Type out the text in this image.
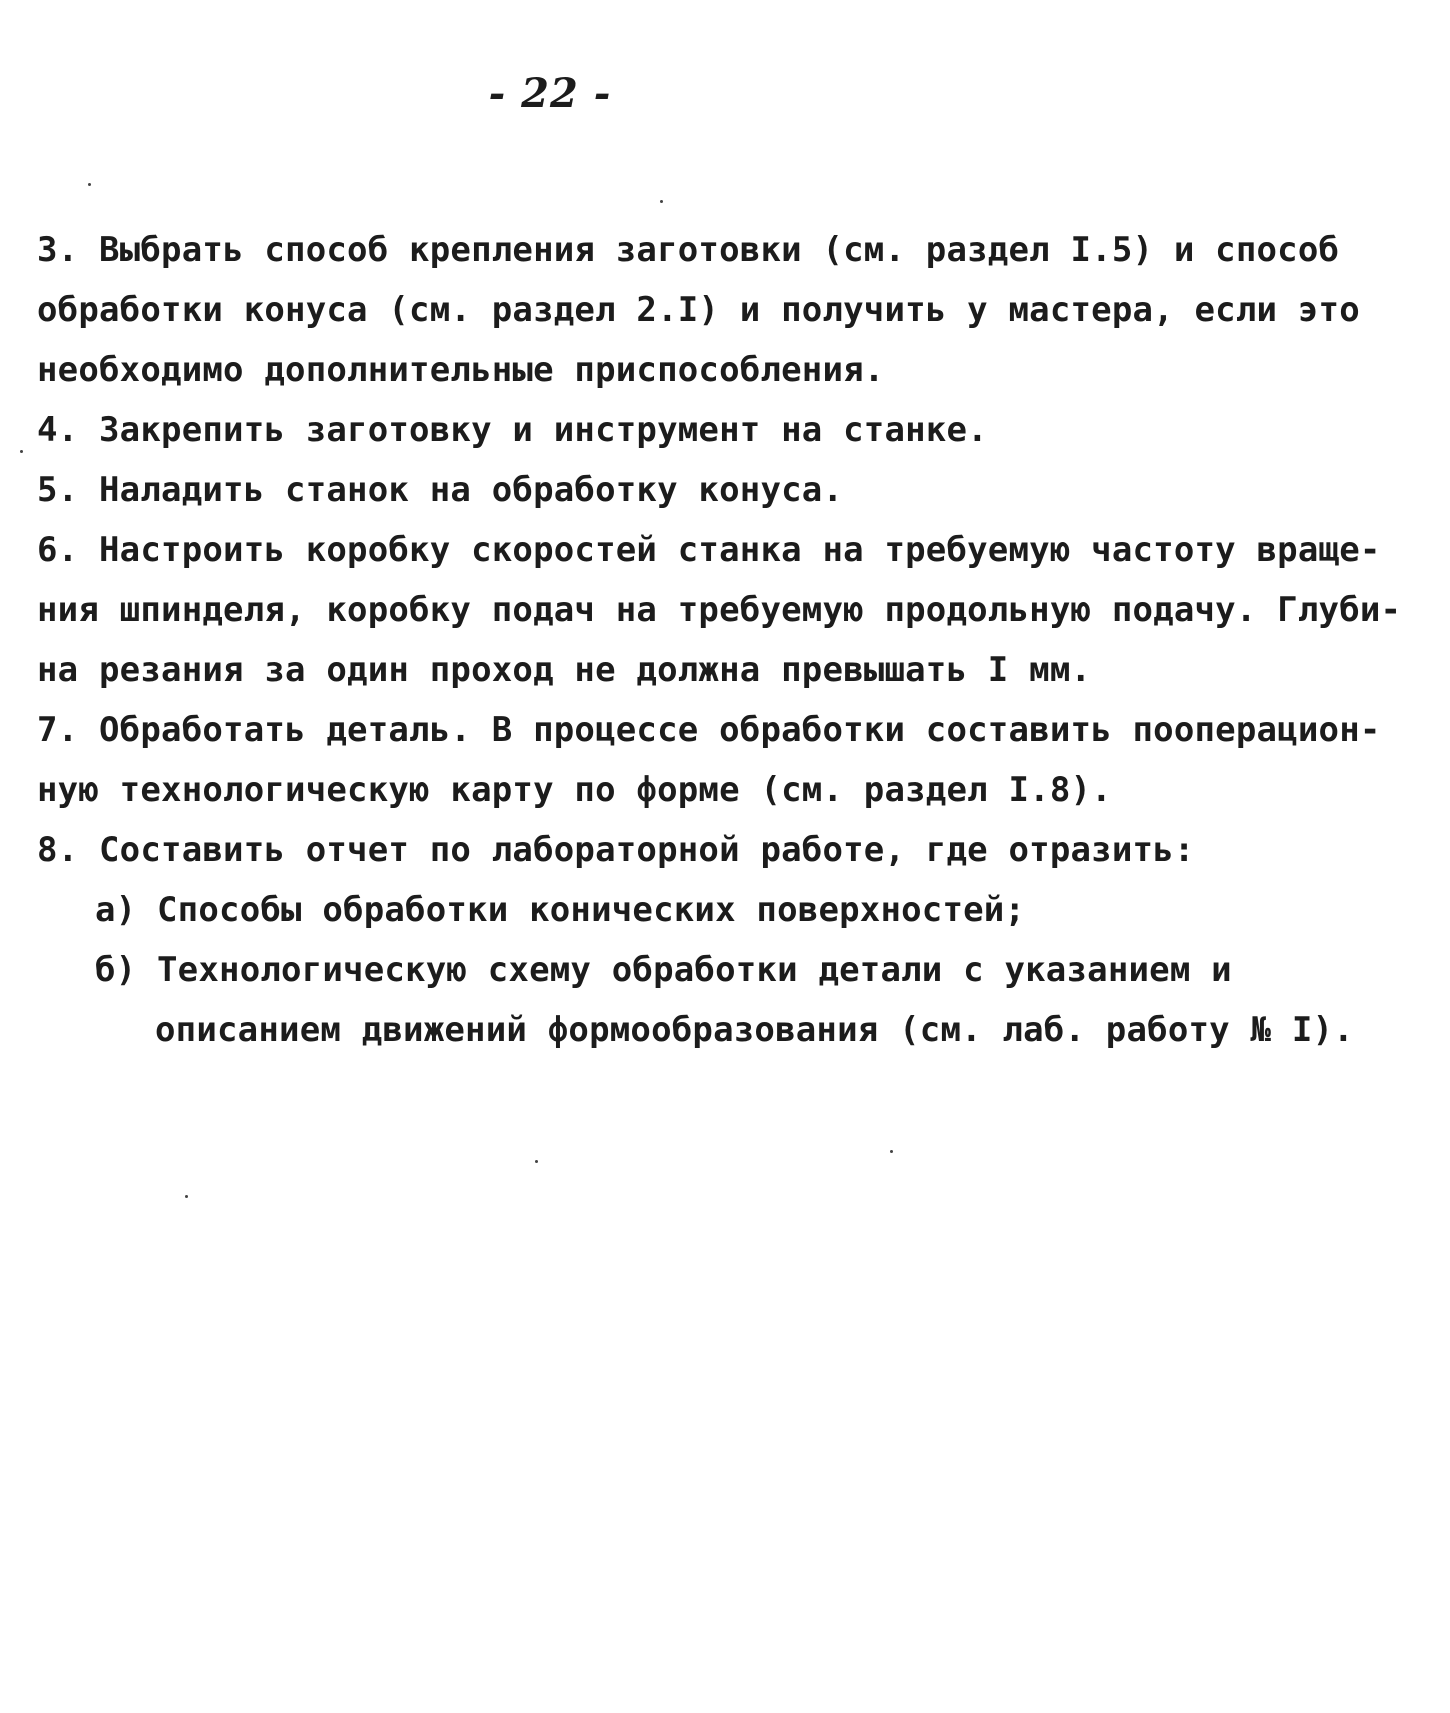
- 22 -
3. Выбрать способ крепления заготовки (см. раздел I.5) и способ
обработки конуса (см. раздел 2.I) и получить у мастера, если это
необходимо дополнительные приспособления.
4. Закрепить заготовку и инструмент на станке.
5. Наладить станок на обработку конуса.
6. Настроить коробку скоростей станка на требуемую частоту враще-
ния шпинделя, коробку подач на требуемую продольную подачу. Глуби-
на резания за один проход не должна превышать I мм.
7. Обработать деталь. В процессе обработки составить пооперацион-
ную технологическую карту по форме (см. раздел I.8).
8. Составить отчет по лабораторной работе, где отразить:
а) Способы обработки конических поверхностей;
б) Технологическую схему обработки детали с указанием и
описанием движений формообразования (см. лаб. работу № I).
